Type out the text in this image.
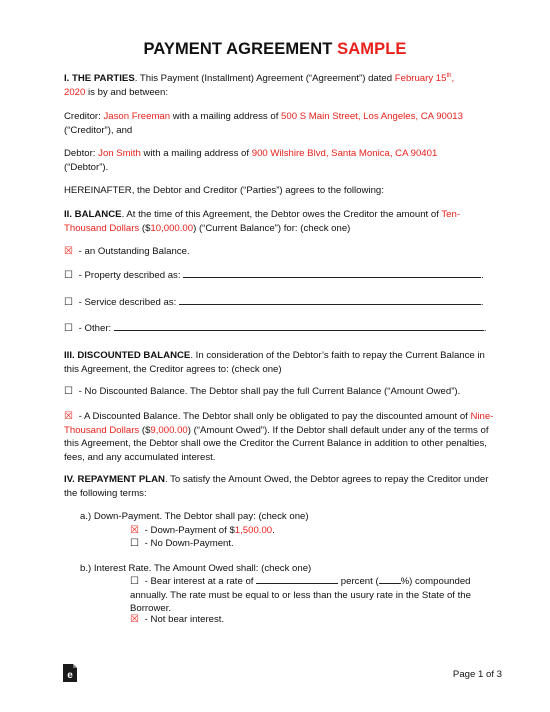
PAYMENT AGREEMENT SAMPLE
I. THE PARTIES. This Payment (Installment) Agreement (“Agreement”) dated February 15th,
2020 is by and between:
Creditor: Jason Freeman with a mailing address of 500 S Main Street, Los Angeles, CA 90013
(“Creditor”), and
Debtor: Jon Smith with a mailing address of 900 Wilshire Blvd, Santa Monica, CA 90401
(“Debtor”).
HEREINAFTER, the Debtor and Creditor (“Parties”) agrees to the following:
II. BALANCE. At the time of this Agreement, the Debtor owes the Creditor the amount of Ten-Thousand Dollars ($10,000.00) (“Current Balance”) for: (check one)
☒ - an Outstanding Balance.
☐ - Property described as:	.
☐ - Service described as:	.
☐ - Other:	.
III. DISCOUNTED BALANCE. In consideration of the Debtor’s faith to repay the Current Balance in this Agreement, the Creditor agrees to: (check one)
☐ - No Discounted Balance. The Debtor shall pay the full Current Balance (“Amount Owed”).
☒ - A Discounted Balance. The Debtor shall only be obligated to pay the discounted amount of Nine-Thousand Dollars ($9,000.00) (“Amount Owed”). If the Debtor shall default under any of the terms of this Agreement, the Debtor shall owe the Creditor the Current Balance in addition to other penalties, fees, and any accumulated interest.
IV. REPAYMENT PLAN. To satisfy the Amount Owed, the Debtor agrees to repay the Creditor under the following terms:
a.) Down-Payment. The Debtor shall pay: (check one)
☒ - Down-Payment of $1,500.00.
☐ - No Down-Payment.
b.) Interest Rate. The Amount Owed shall: (check one)
☐ - Bear interest at a rate of	percent ( %) compounded annually. The rate must be equal to or less than the usury rate in the State of the Borrower.
☒ - Not bear interest.
e	Page 1 of 3
